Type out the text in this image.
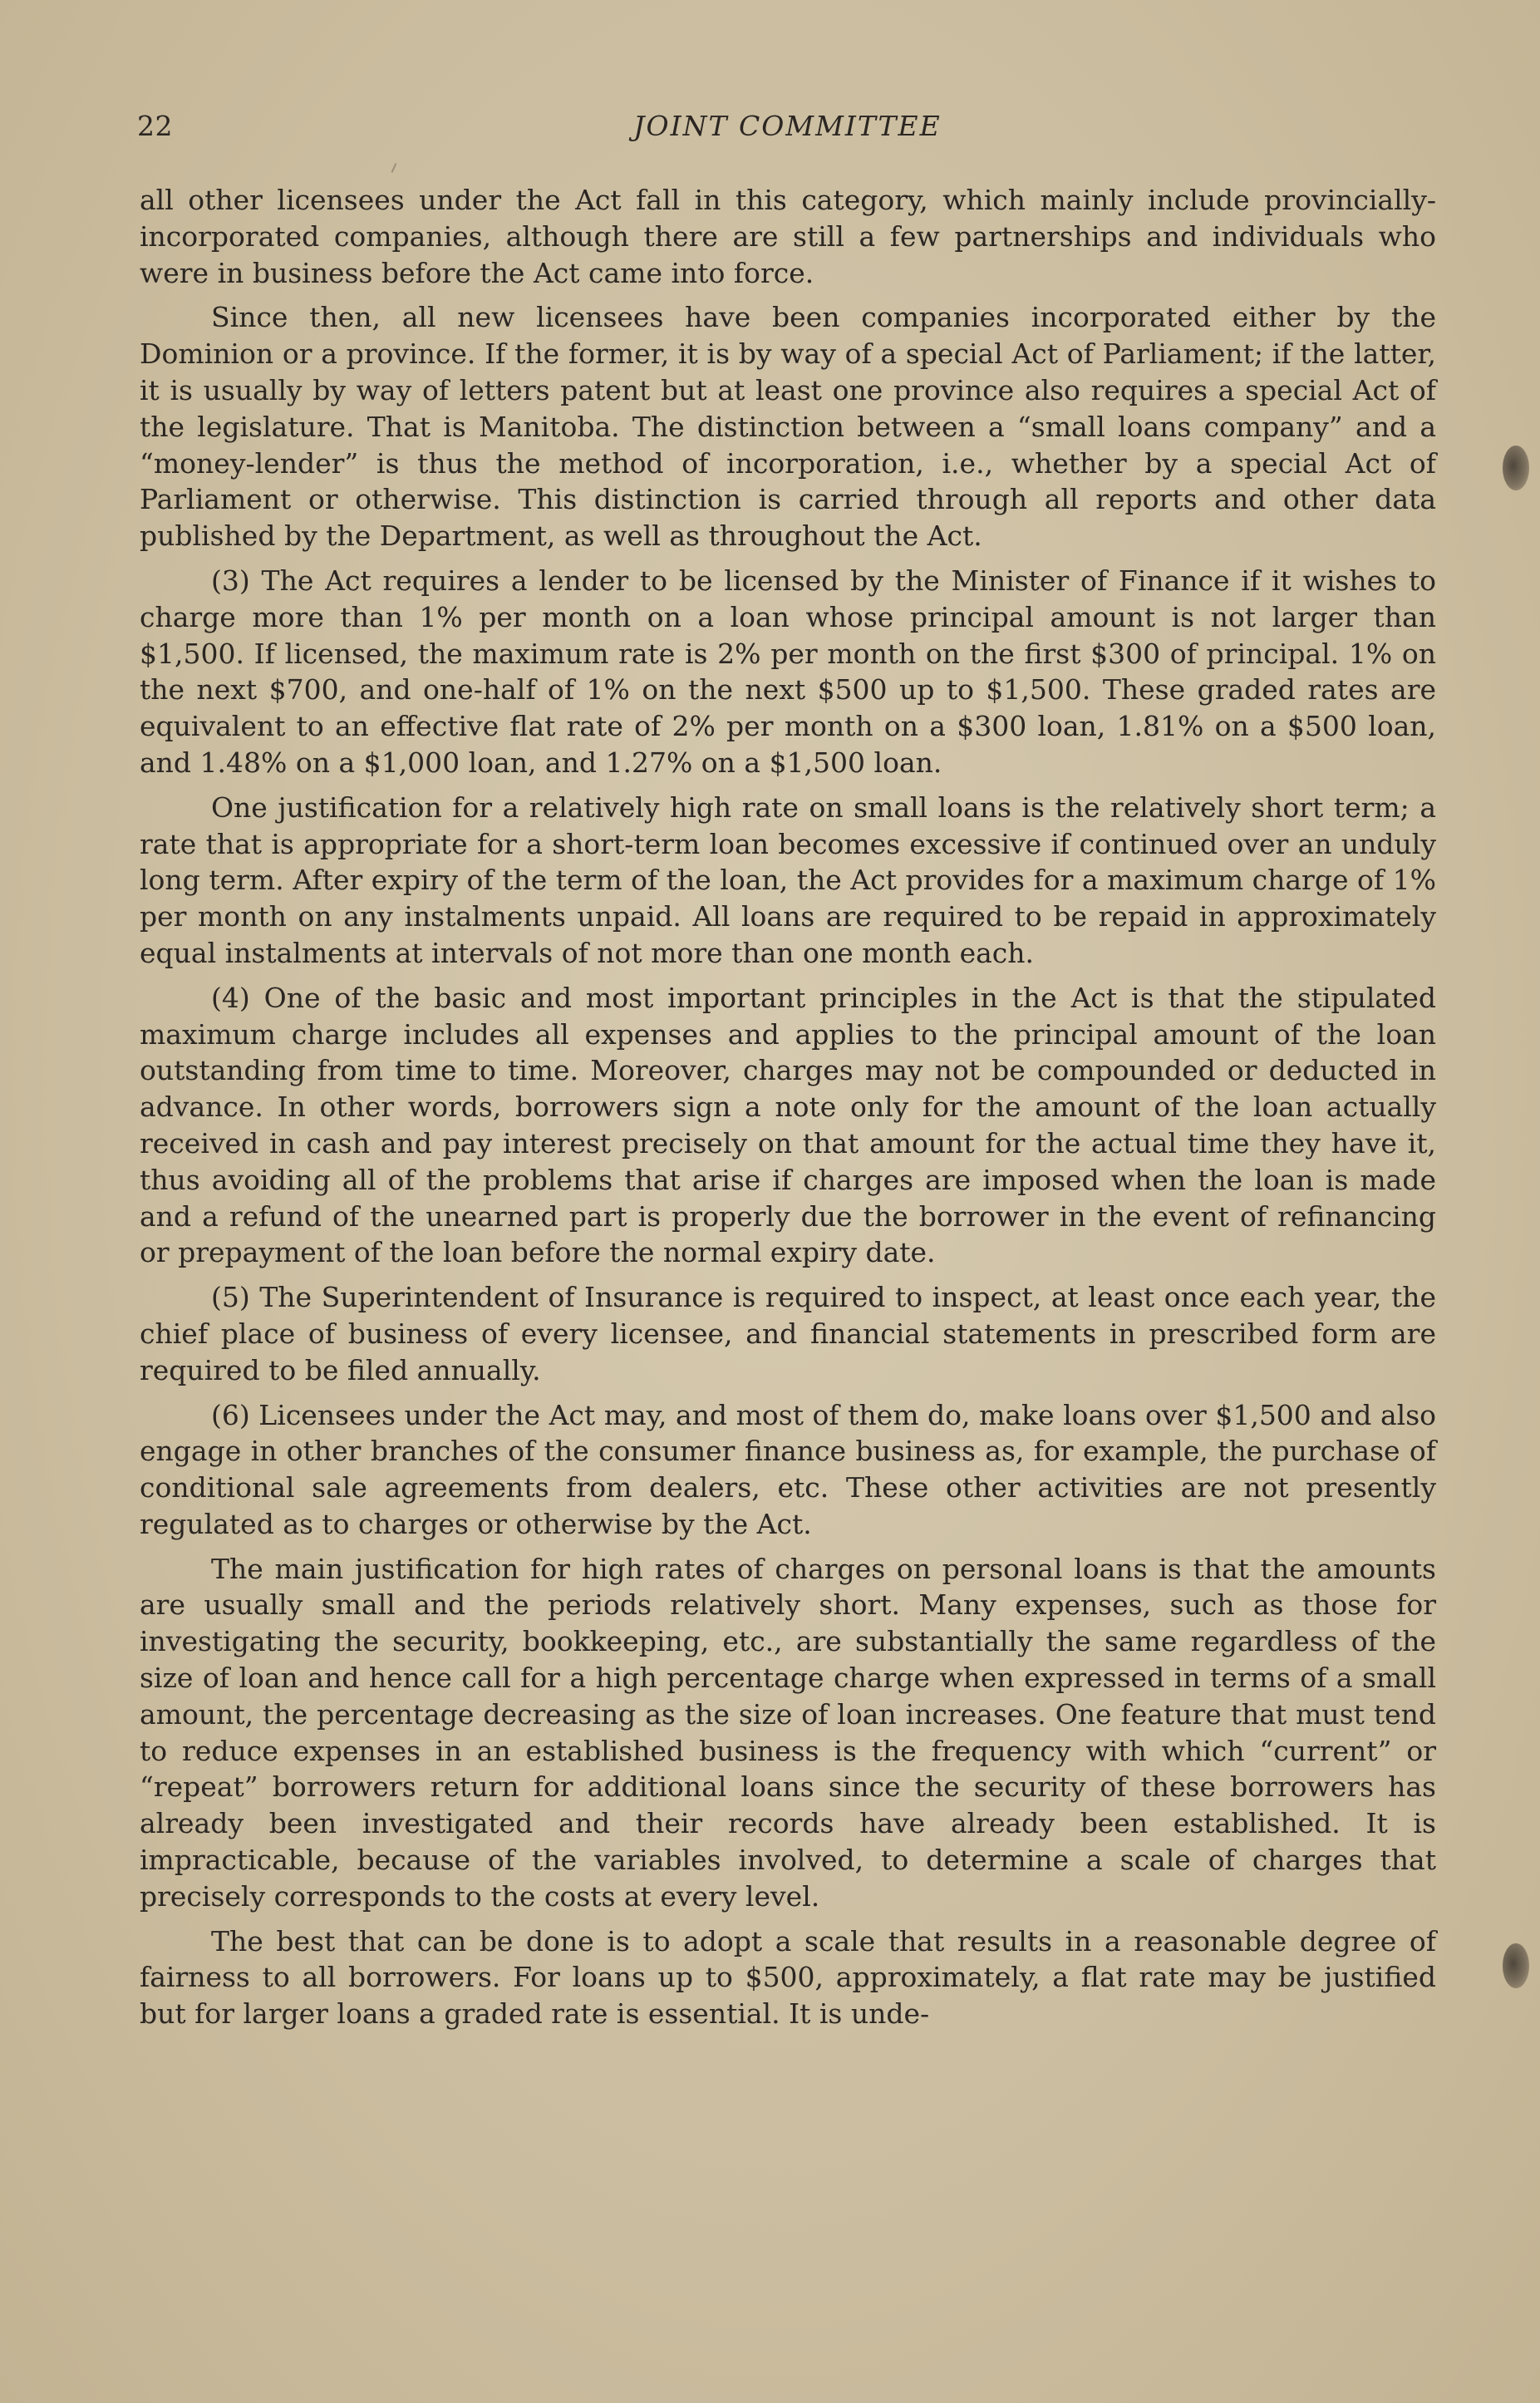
22	JOINT COMMITTEE

all other licensees under the Act fall in this category, which mainly include provincially-incorporated companies, although there are still a few partnerships and individuals who were in business before the Act came into force.

Since then, all new licensees have been companies incorporated either by the Dominion or a province. If the former, it is by way of a special Act of Parliament; if the latter, it is usually by way of letters patent but at least one province also requires a special Act of the legislature. That is Manitoba. The distinction between a “small loans company” and a “money-lender” is thus the method of incorporation, i.e., whether by a special Act of Parliament or otherwise. This distinction is carried through all reports and other data published by the Department, as well as throughout the Act.

(3) The Act requires a lender to be licensed by the Minister of Finance if it wishes to charge more than 1% per month on a loan whose principal amount is not larger than $1,500. If licensed, the maximum rate is 2% per month on the first $300 of principal. 1% on the next $700, and one-half of 1% on the next $500 up to $1,500. These graded rates are equivalent to an effective flat rate of 2% per month on a $300 loan, 1.81% on a $500 loan, and 1.48% on a $1,000 loan, and 1.27% on a $1,500 loan.

One justification for a relatively high rate on small loans is the relatively short term; a rate that is appropriate for a short-term loan becomes excessive if continued over an unduly long term. After expiry of the term of the loan, the Act provides for a maximum charge of 1% per month on any instalments unpaid. All loans are required to be repaid in approximately equal instalments at intervals of not more than one month each.

(4) One of the basic and most important principles in the Act is that the stipulated maximum charge includes all expenses and applies to the principal amount of the loan outstanding from time to time. Moreover, charges may not be compounded or deducted in advance. In other words, borrowers sign a note only for the amount of the loan actually received in cash and pay interest precisely on that amount for the actual time they have it, thus avoiding all of the problems that arise if charges are imposed when the loan is made and a refund of the unearned part is properly due the borrower in the event of refinancing or prepayment of the loan before the normal expiry date.

(5) The Superintendent of Insurance is required to inspect, at least once each year, the chief place of business of every licensee, and financial statements in prescribed form are required to be filed annually.

(6) Licensees under the Act may, and most of them do, make loans over $1,500 and also engage in other branches of the consumer finance business as, for example, the purchase of conditional sale agreements from dealers, etc. These other activities are not presently regulated as to charges or otherwise by the Act.

The main justification for high rates of charges on personal loans is that the amounts are usually small and the periods relatively short. Many expenses, such as those for investigating the security, bookkeeping, etc., are substantially the same regardless of the size of loan and hence call for a high percentage charge when expressed in terms of a small amount, the percentage decreasing as the size of loan increases. One feature that must tend to reduce expenses in an established business is the frequency with which “current” or “repeat” borrowers return for additional loans since the security of these borrowers has already been investigated and their records have already been established. It is impracticable, because of the variables involved, to determine a scale of charges that precisely corresponds to the costs at every level.

The best that can be done is to adopt a scale that results in a reasonable degree of fairness to all borrowers. For loans up to $500, approximately, a flat rate may be justified but for larger loans a graded rate is essential. It is unde-
